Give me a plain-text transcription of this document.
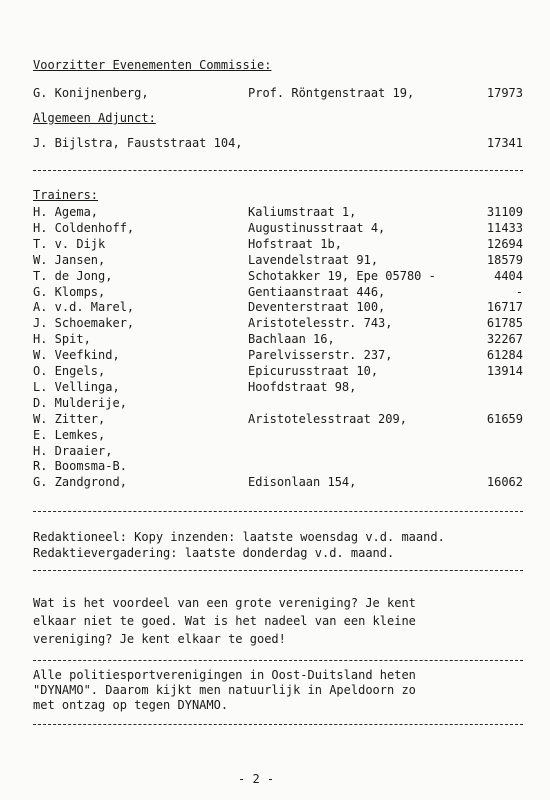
Voorzitter Evenementen Commissie:
G. Konijnenberg,	Prof. Röntgenstraat 19,	17973
Algemeen Adjunct:
J. Bijlstra, Fauststraat 104,	17341
Trainers:
H. Agema,	Kaliumstraat 1,	31109
H. Coldenhoff,	Augustinusstraat 4,	11433
T. v. Dijk	Hofstraat 1b,	12694
W. Jansen,	Lavendelstraat 91,	18579
T. de Jong,	Schotakker 19, Epe 05780 -	4404
G. Klomps,	Gentiaanstraat 446,	-
A. v.d. Marel,	Deventerstraat 100,	16717
J. Schoemaker,	Aristotelesstr. 743,	61785
H. Spit,	Bachlaan 16,	32267
W. Veefkind,	Parelvisserstr. 237,	61284
O. Engels,	Epicurusstraat 10,	13914
L. Vellinga,	Hoofdstraat 98,
D. Mulderije,
W. Zitter,	Aristotelesstraat 209,	61659
E. Lemkes,
H. Draaier,
R. Boomsma-B.
G. Zandgrond,	Edisonlaan 154,	16062
Redaktioneel: Kopy inzenden: laatste woensdag v.d. maand.
Redaktievergadering: laatste donderdag v.d. maand.
Wat is het voordeel van een grote vereniging? Je kent
elkaar niet te goed. Wat is het nadeel van een kleine
vereniging? Je kent elkaar te goed!
Alle politiesportverenigingen in Oost-Duitsland heten
"DYNAMO". Daarom kijkt men natuurlijk in Apeldoorn zo
met ontzag op tegen DYNAMO.
- 2 -
